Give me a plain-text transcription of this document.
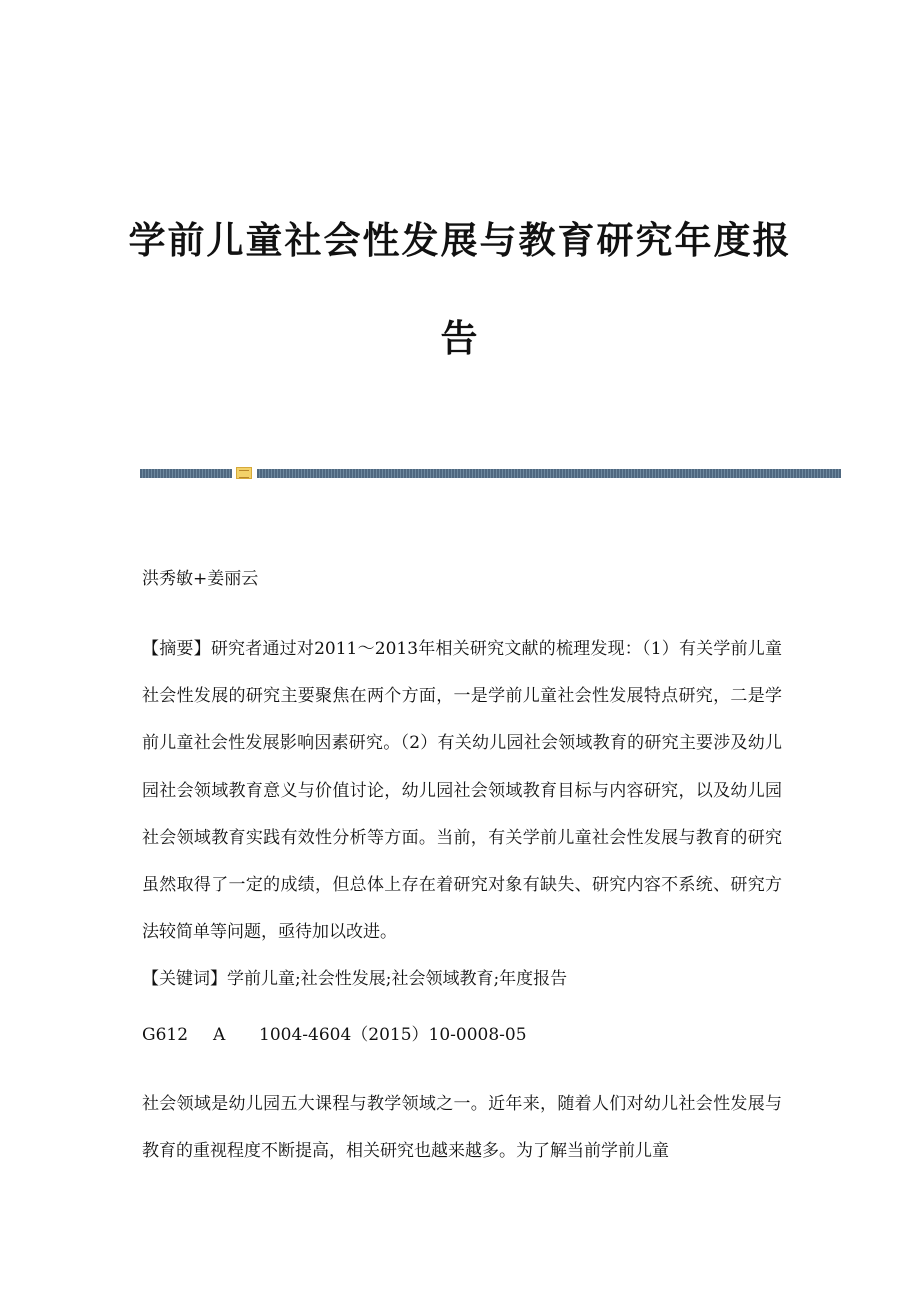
学前儿童社会性发展与教育研究年度报
告

洪秀敏+姜丽云

【摘要】研究者通过对2011～2013年相关研究文献的梳理发现：（1）有关学前儿童社会性发展的研究主要聚焦在两个方面，一是学前儿童社会性发展特点研究，二是学前儿童社会性发展影响因素研究。（2）有关幼儿园社会领域教育的研究主要涉及幼儿园社会领域教育意义与价值讨论，幼儿园社会领域教育目标与内容研究，以及幼儿园社会领域教育实践有效性分析等方面。当前，有关学前儿童社会性发展与教育的研究虽然取得了一定的成绩，但总体上存在着研究对象有缺失、研究内容不系统、研究方法较简单等问题，亟待加以改进。

【关键词】学前儿童;社会性发展;社会领域教育;年度报告

G612 A 1004-4604（2015）10-0008-05

社会领域是幼儿园五大课程与教学领域之一。近年来，随着人们对幼儿社会性发展与教育的重视程度不断提高，相关研究也越来越多。为了解当前学前儿童
